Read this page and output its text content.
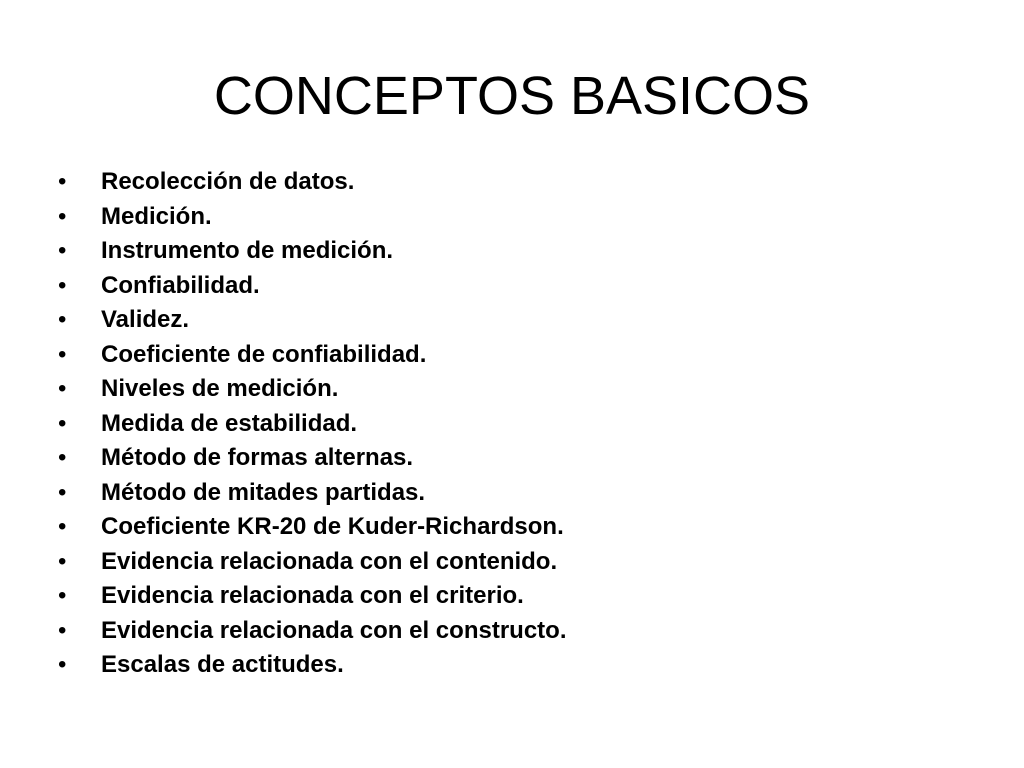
CONCEPTOS BASICOS
•	Recolección de datos.
•	Medición.
•	Instrumento de medición.
•	Confiabilidad.
•	Validez.
•	Coeficiente de confiabilidad.
•	Niveles de medición.
•	Medida de estabilidad.
•	Método de formas alternas.
•	Método de mitades partidas.
•	Coeficiente KR-20 de Kuder-Richardson.
•	Evidencia relacionada con el contenido.
•	Evidencia relacionada con el criterio.
•	Evidencia relacionada con el constructo.
•	Escalas de actitudes.
